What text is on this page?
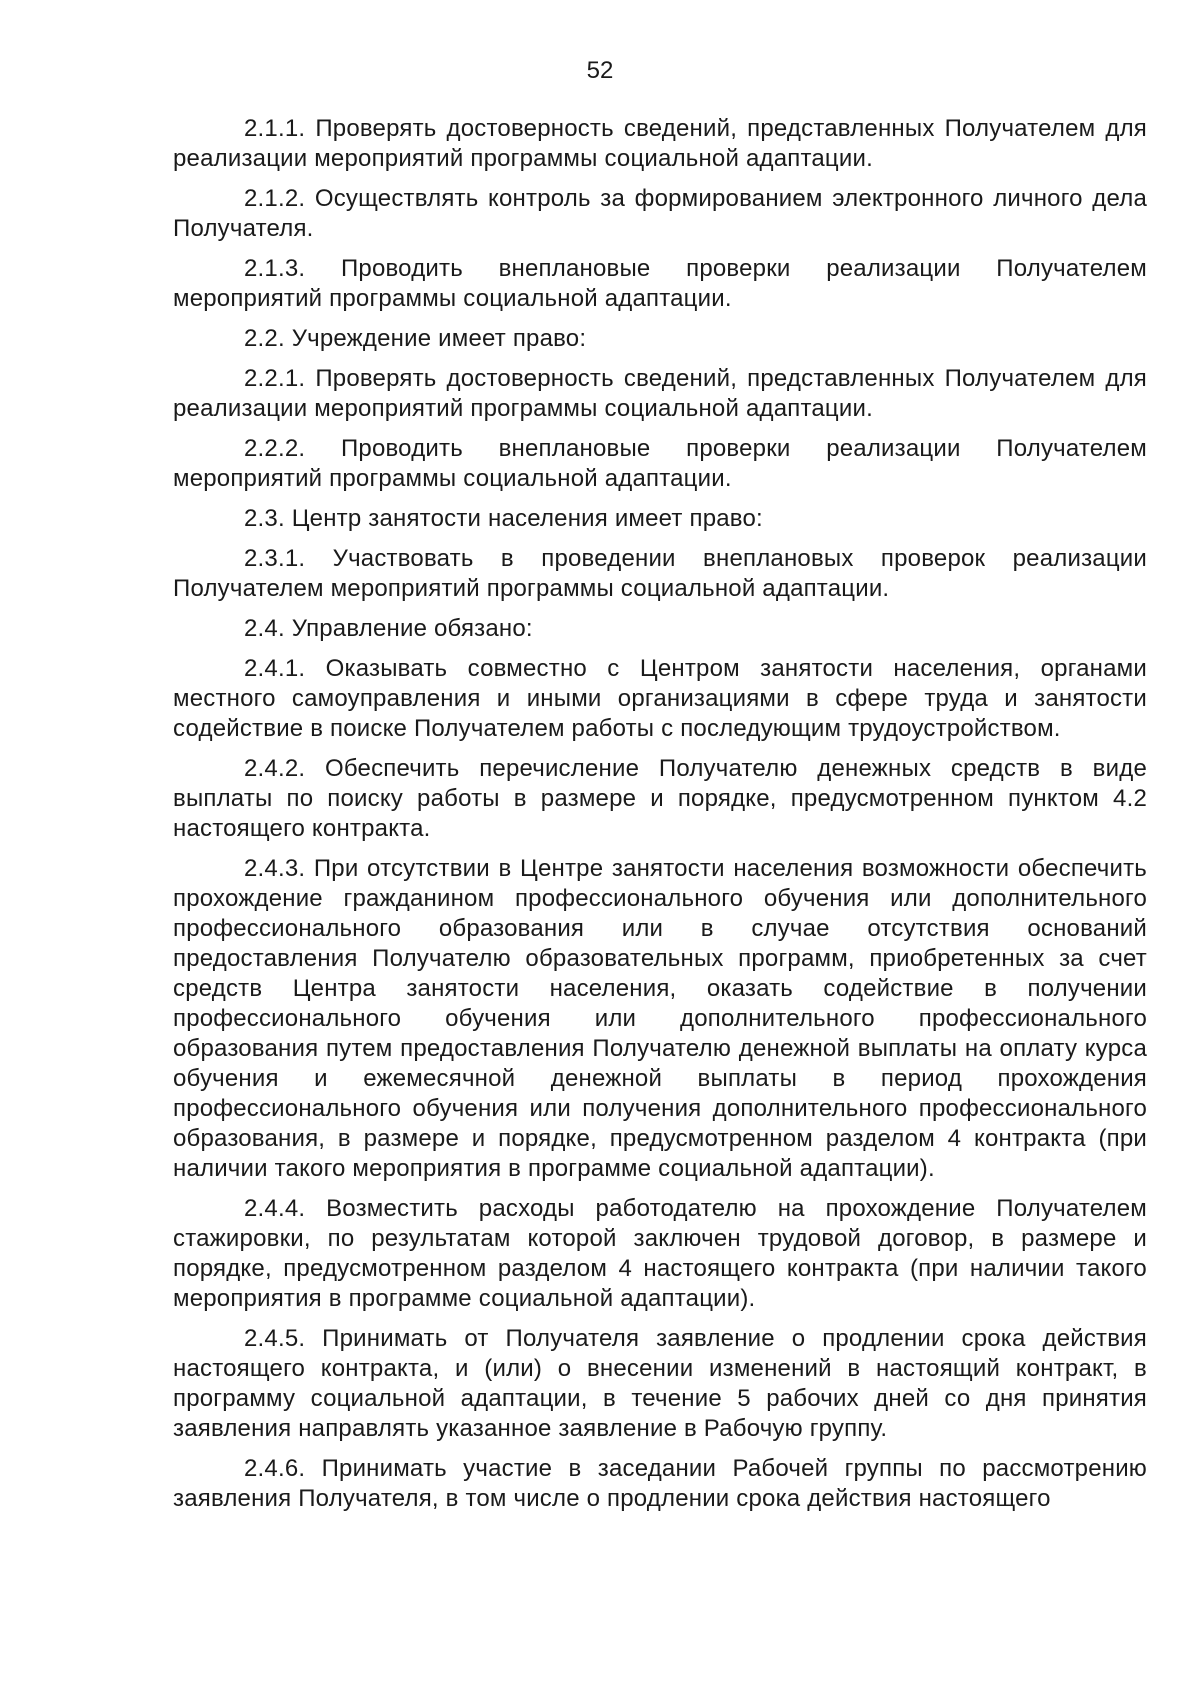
52

2.1.1. Проверять достоверность сведений, представленных Получателем для реализации мероприятий программы социальной адаптации.

2.1.2. Осуществлять контроль за формированием электронного личного дела Получателя.

2.1.3. Проводить внеплановые проверки реализации Получателем мероприятий программы социальной адаптации.

2.2. Учреждение имеет право:

2.2.1. Проверять достоверность сведений, представленных Получателем для реализации мероприятий программы социальной адаптации.

2.2.2. Проводить внеплановые проверки реализации Получателем мероприятий программы социальной адаптации.

2.3. Центр занятости населения имеет право:

2.3.1. Участвовать в проведении внеплановых проверок реализации Получателем мероприятий программы социальной адаптации.

2.4. Управление обязано:

2.4.1. Оказывать совместно с Центром занятости населения, органами местного самоуправления и иными организациями в сфере труда и занятости содействие в поиске Получателем работы с последующим трудоустройством.

2.4.2. Обеспечить перечисление Получателю денежных средств в виде выплаты по поиску работы в размере и порядке, предусмотренном пунктом 4.2 настоящего контракта.

2.4.3. При отсутствии в Центре занятости населения возможности обеспечить прохождение гражданином профессионального обучения или дополнительного профессионального образования или в случае отсутствия оснований предоставления Получателю образовательных программ, приобретенных за счет средств Центра занятости населения, оказать содействие в получении профессионального обучения или дополнительного профессионального образования путем предоставления Получателю денежной выплаты на оплату курса обучения и ежемесячной денежной выплаты в период прохождения профессионального обучения или получения дополнительного профессионального образования, в размере и порядке, предусмотренном разделом 4 контракта (при наличии такого мероприятия в программе социальной адаптации).

2.4.4. Возместить расходы работодателю на прохождение Получателем стажировки, по результатам которой заключен трудовой договор, в размере и порядке, предусмотренном разделом 4 настоящего контракта (при наличии такого мероприятия в программе социальной адаптации).

2.4.5. Принимать от Получателя заявление о продлении срока действия настоящего контракта, и (или) о внесении изменений в настоящий контракт, в программу социальной адаптации, в течение 5 рабочих дней со дня принятия заявления направлять указанное заявление в Рабочую группу.

2.4.6. Принимать участие в заседании Рабочей группы по рассмотрению заявления Получателя, в том числе о продлении срока действия настоящего
